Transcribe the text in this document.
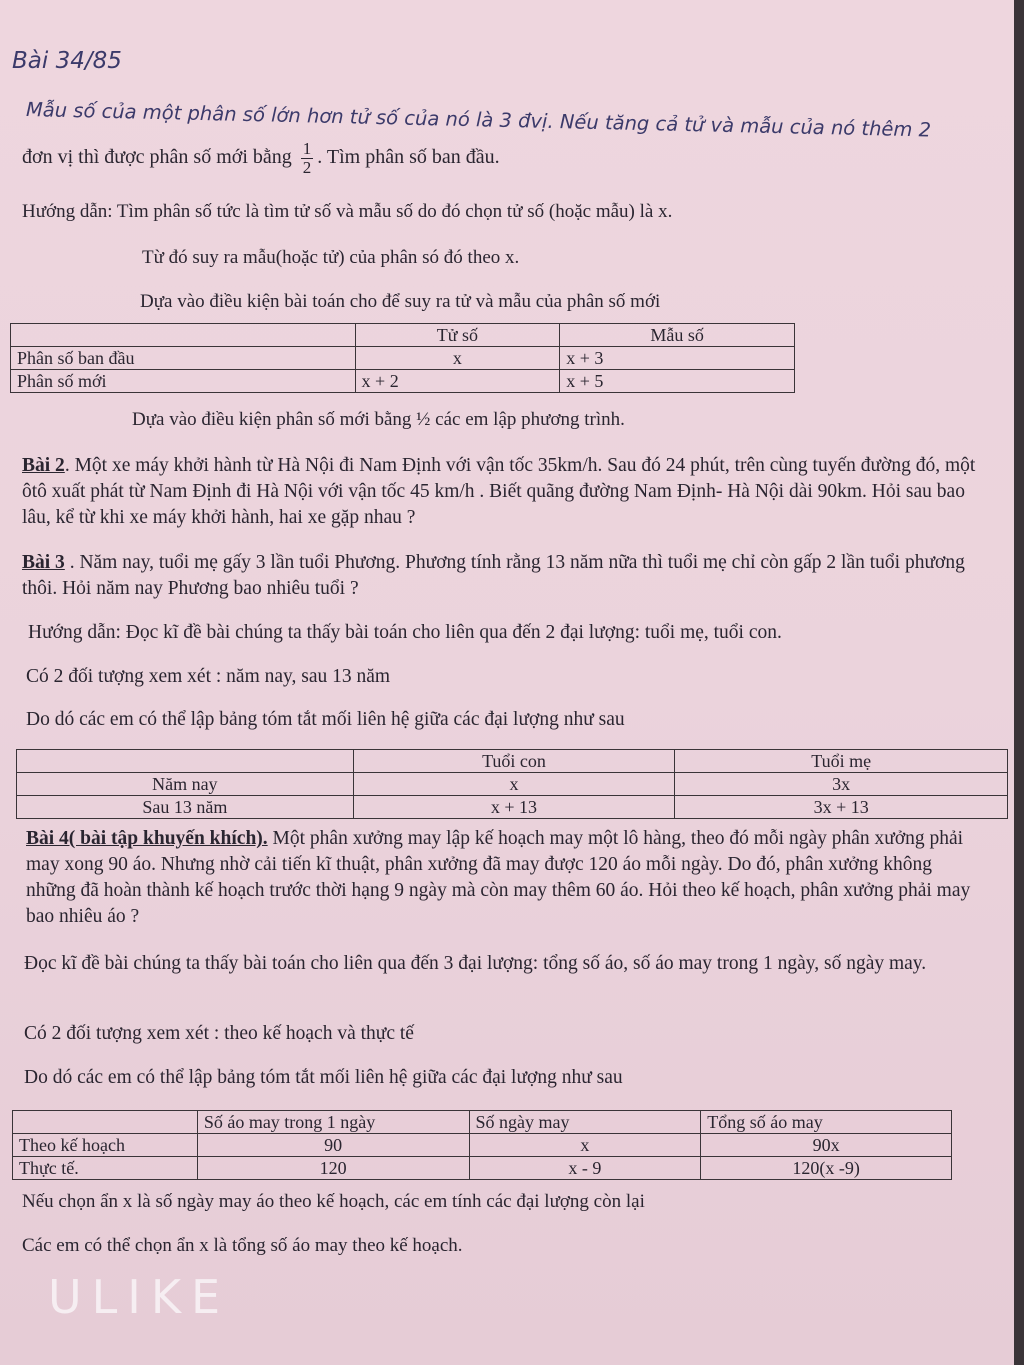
Bài 34/85
Mẫu số của một phân số lớn hơn tử số của nó là 3 đvị. Nếu tăng cả tử và mẫu của nó thêm 2
đơn vị thì được phân số mới bằng $\frac{1}{2}$ . Tìm phân số ban đầu.
Hướng dẫn: Tìm phân số tức là tìm tử số và mẫu số do đó chọn tử số (hoặc mẫu) là x.
Từ đó suy ra mẫu(hoặc tử) của phân só đó theo x.
Dựa vào điều kiện bài toán cho để suy ra tử và mẫu của phân số mới
	Tử số	Mẫu số
Phân số ban đầu	x	x + 3
Phân số mới	x + 2	x + 5
Dựa vào điều kiện phân số mới bằng ½ các em lập phương trình.
Bài 2. Một xe máy khởi hành từ Hà Nội đi Nam Định với vận tốc 35km/h. Sau đó 24 phút, trên cùng tuyến đường đó, một ôtô xuất phát từ Nam Định đi Hà Nội với vận tốc 45 km/h . Biết quãng đường Nam Định- Hà Nội dài 90km. Hỏi sau bao lâu, kể từ khi xe máy khởi hành, hai xe gặp nhau ?
Bài 3 . Năm nay, tuổi mẹ gấy 3 lần tuổi Phương. Phương tính rằng 13 năm nữa thì tuổi mẹ chỉ còn gấp 2 lần tuổi phương thôi. Hỏi năm nay Phương bao nhiêu tuổi ?
Hướng dẫn: Đọc kĩ đề bài chúng ta thấy bài toán cho liên qua đến 2 đại lượng: tuổi mẹ, tuổi con.
Có 2 đối tượng xem xét : năm nay, sau 13 năm
Do dó các em có thể lập bảng tóm tắt mối liên hệ giữa các đại lượng như sau
	Tuổi con	Tuổi mẹ
Năm nay	x	3x
Sau 13 năm	x + 13	3x + 13
Bài 4( bài tập khuyến khích). Một phân xưởng may lập kế hoạch may một lô hàng, theo đó mỗi ngày phân xưởng phải may xong 90 áo. Nhưng nhờ cải tiến kĩ thuật, phân xưởng đã may được 120 áo mỗi ngày. Do đó, phân xưởng không những đã hoàn thành kế hoạch trước thời hạng 9 ngày mà còn may thêm 60 áo. Hỏi theo kế hoạch, phân xưởng phải may bao nhiêu áo ?
Đọc kĩ đề bài chúng ta thấy bài toán cho liên qua đến 3 đại lượng: tổng số áo, số áo may trong 1 ngày, số ngày may.
Có 2 đối tượng xem xét : theo kế hoạch và thực tế
Do dó các em có thể lập bảng tóm tắt mối liên hệ giữa các đại lượng như sau
	Số áo may trong 1 ngày	Số ngày may	Tổng số áo may
Theo kế hoạch	90	x	90x
Thực tế.	120	x - 9	120(x -9)
Nếu chọn ẩn x là số ngày may áo theo kế hoạch, các em tính các đại lượng còn lại
Các em có thể chọn ẩn x là tổng số áo may theo kế hoạch.
ULIKE
